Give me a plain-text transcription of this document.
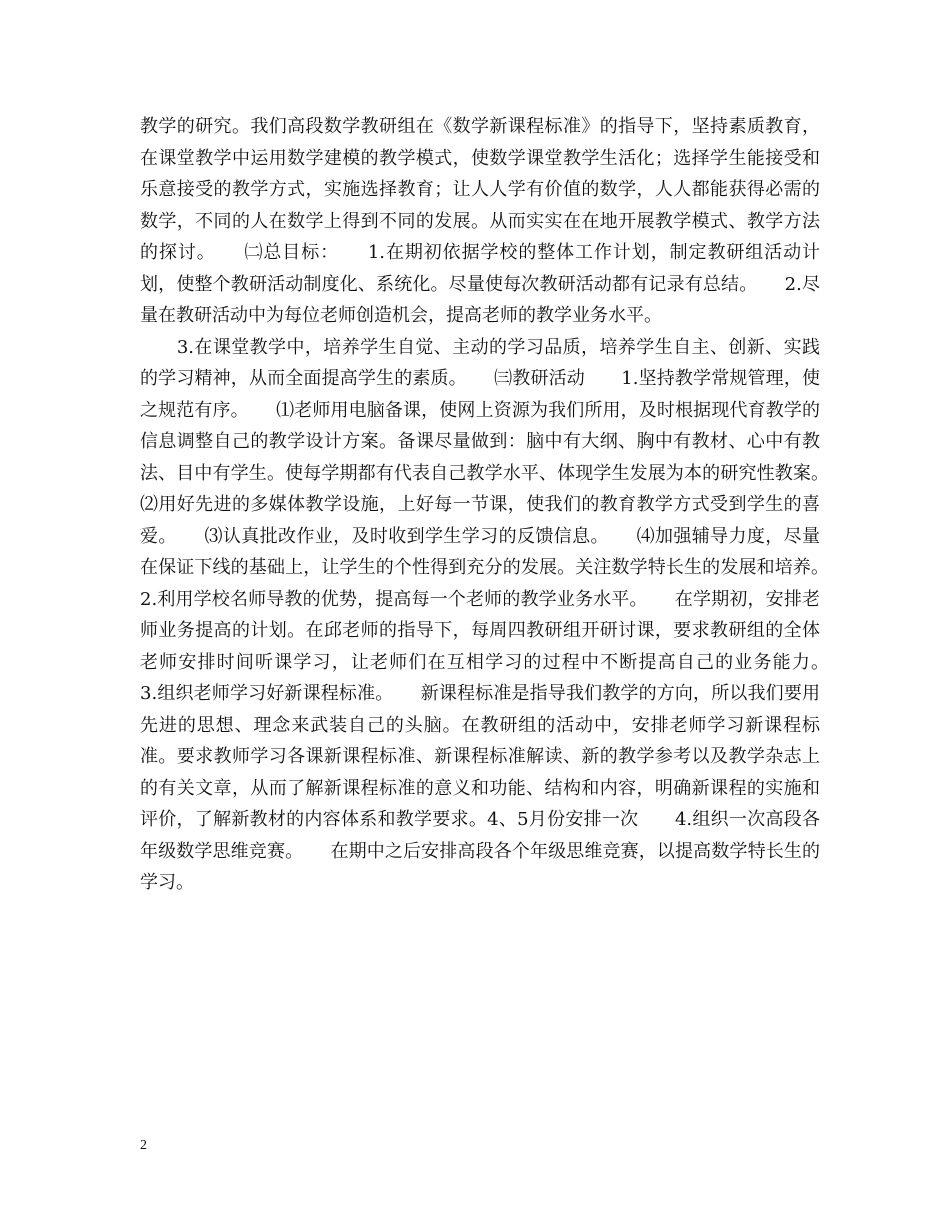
教学的研究。我们高段数学教研组在《数学新课程标准》的指导下，坚持素质教育，在课堂教学中运用数学建模的教学模式，使数学课堂教学生活化；选择学生能接受和乐意接受的教学方式，实施选择教育；让人人学有价值的数学，人人都能获得必需的数学，不同的人在数学上得到不同的发展。从而实实在在地开展教学模式、教学方法的探讨。　　㈡总目标：　　1.在期初依据学校的整体工作计划，制定教研组活动计划，使整个教研活动制度化、系统化。尽量使每次教研活动都有记录有总结。　　2.尽量在教研活动中为每位老师创造机会，提高老师的教学业务水平。
　　3.在课堂教学中，培养学生自觉、主动的学习品质，培养学生自主、创新、实践的学习精神，从而全面提高学生的素质。　　㈢教研活动　　1.坚持教学常规管理，使之规范有序。　　⑴老师用电脑备课，使网上资源为我们所用，及时根据现代育教学的信息调整自己的教学设计方案。备课尽量做到：脑中有大纲、胸中有教材、心中有教法、目中有学生。使每学期都有代表自己教学水平、体现学生发展为本的研究性教案。　　⑵用好先进的多媒体教学设施，上好每一节课，使我们的教育教学方式受到学生的喜爱。　　⑶认真批改作业，及时收到学生学习的反馈信息。　　⑷加强辅导力度，尽量在保证下线的基础上，让学生的个性得到充分的发展。关注数学特长生的发展和培养。　　2.利用学校名师导教的优势，提高每一个老师的教学业务水平。　　在学期初，安排老师业务提高的计划。在邱老师的指导下，每周四教研组开研讨课，要求教研组的全体老师安排时间听课学习，让老师们在互相学习的过程中不断提高自己的业务能力。　　3.组织老师学习好新课程标准。　　新课程标准是指导我们教学的方向，所以我们要用先进的思想、理念来武装自己的头脑。在教研组的活动中，安排老师学习新课程标准。要求教师学习各课新课程标准、新课程标准解读、新的教学参考以及教学杂志上的有关文章，从而了解新课程标准的意义和功能、结构和内容，明确新课程的实施和评价，了解新教材的内容体系和教学要求。4、5月份安排一次　　4.组织一次高段各年级数学思维竞赛。　　在期中之后安排高段各个年级思维竞赛，以提高数学特长生的学习。
2
